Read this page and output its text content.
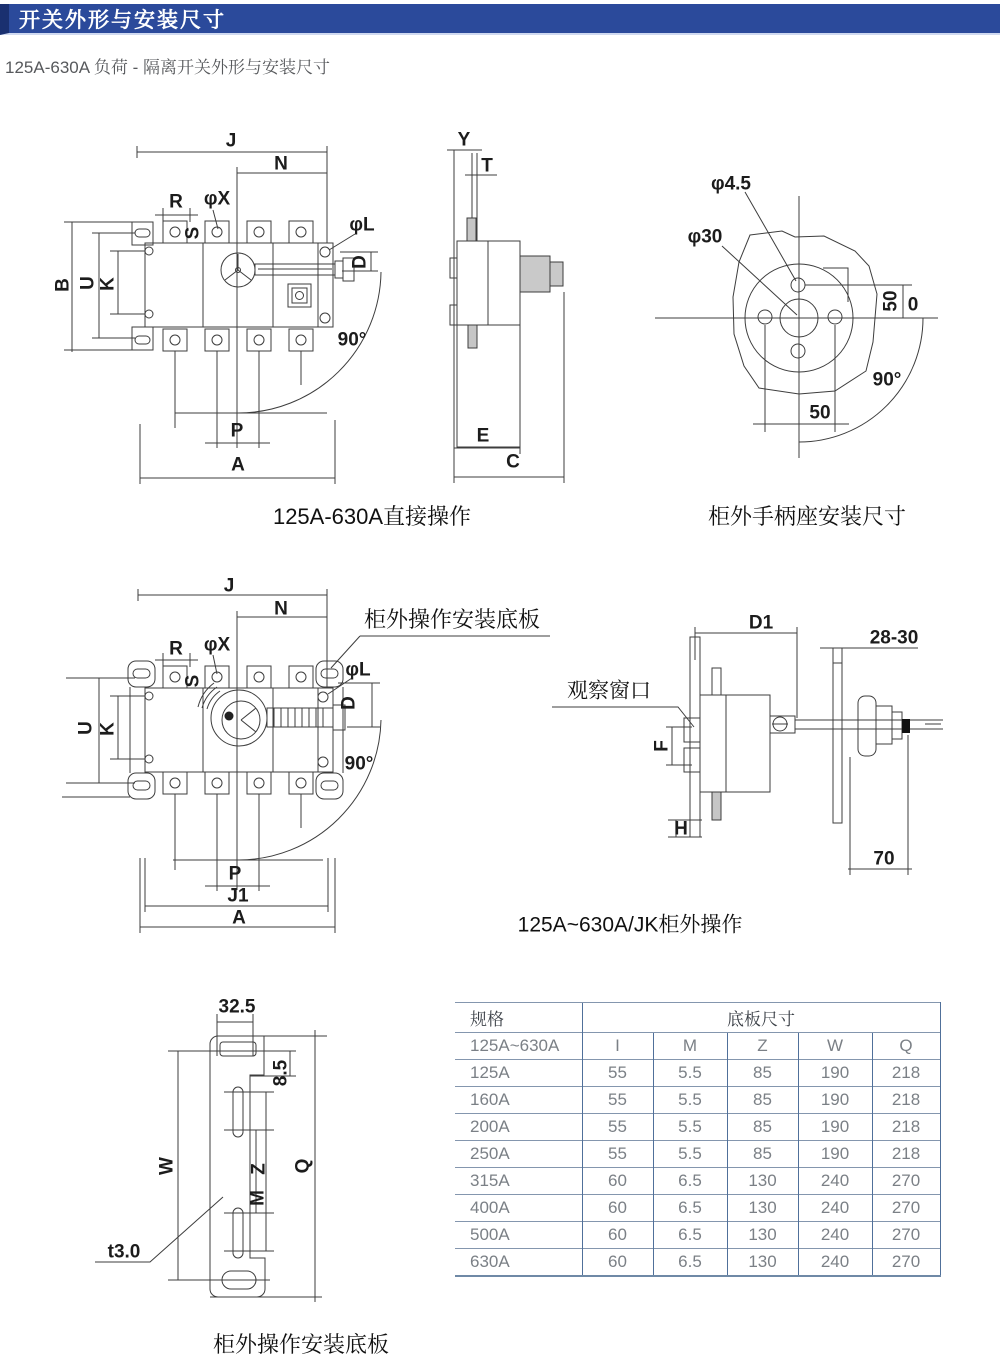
开关外形与安装尺寸
125A-630A 负荷 - 隔离开关外形与安装尺寸
J
N
R φX
S	φL
D
B U K
90°
P
A
125A-630A直接操作
Y
T
E
C
φ4.5
φ30
50 0
90°
50
柜外手柄座安装尺寸
J
N
R φX
S
φL
D
U K
90°
P
J1
A
柜外操作安装底板	D1
28-30
观察窗口
F
H
70
125A~630A/JK柜外操作
32.5
8.5
W	Z Q
M
t3.0
柜外操作安装底板
规格	底板尺寸				
125A~630A	I	M	Z	W	Q
125A	55	5.5	85	190	218
160A	55	5.5	85	190	218
200A	55	5.5	85	190	218
250A	55	5.5	85	190	218
315A	60	6.5	130	240	270
400A	60	6.5	130	240	270
500A	60	6.5	130	240	270
630A	60	6.5	130	240	270
